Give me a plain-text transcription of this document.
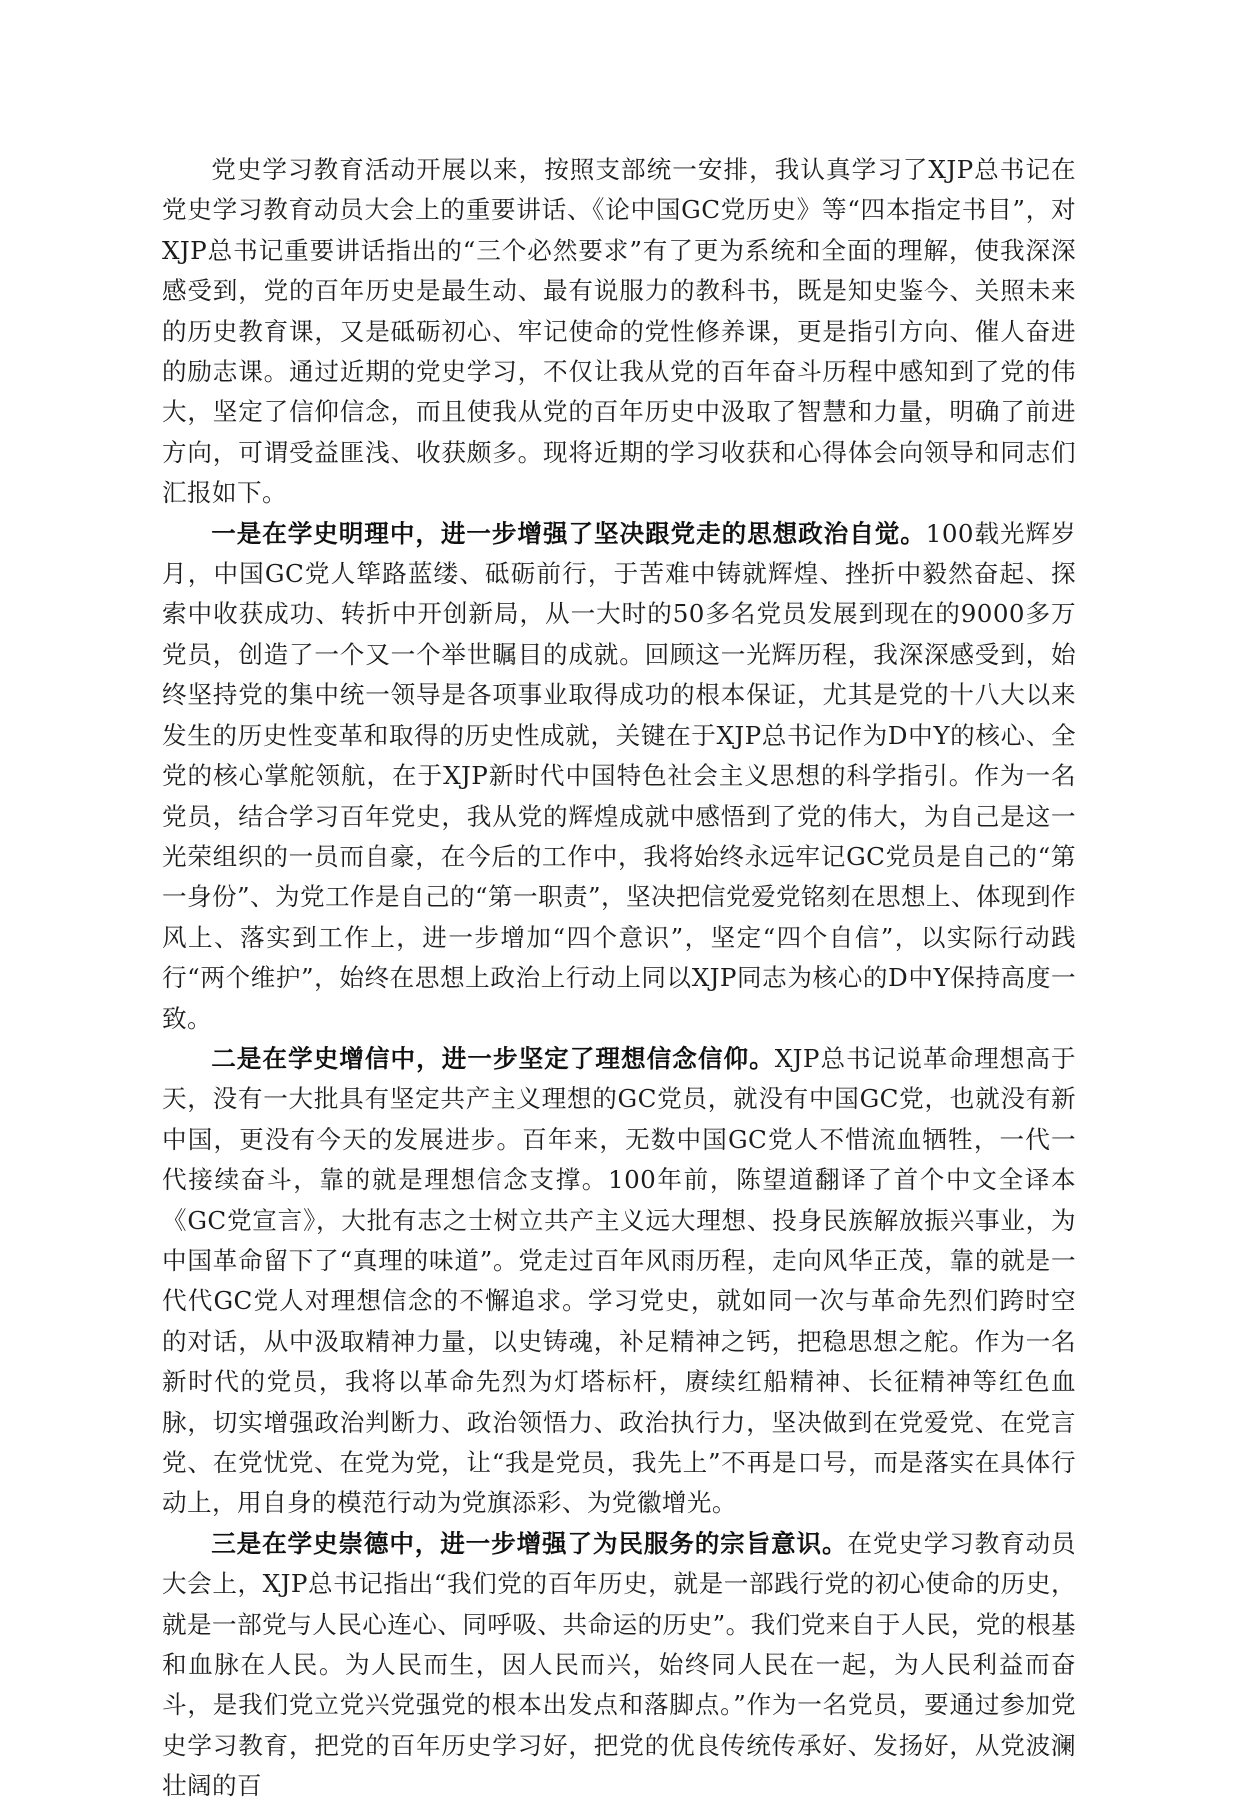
党史学习教育活动开展以来，按照支部统一安排，我认真学习了XJP总书记在党史学习教育动员大会上的重要讲话、《论中国GC党历史》等“四本指定书目”，对XJP总书记重要讲话指出的“三个必然要求”有了更为系统和全面的理解，使我深深感受到，党的百年历史是最生动、最有说服力的教科书，既是知史鉴今、关照未来的历史教育课，又是砥砺初心、牢记使命的党性修养课，更是指引方向、催人奋进的励志课。通过近期的党史学习，不仅让我从党的百年奋斗历程中感知到了党的伟大，坚定了信仰信念，而且使我从党的百年历史中汲取了智慧和力量，明确了前进方向，可谓受益匪浅、收获颇多。现将近期的学习收获和心得体会向领导和同志们汇报如下。

一是在学史明理中，进一步增强了坚决跟党走的思想政治自觉。100载光辉岁月，中国GC党人筚路蓝缕、砥砺前行，于苦难中铸就辉煌、挫折中毅然奋起、探索中收获成功、转折中开创新局，从一大时的50多名党员发展到现在的9000多万党员，创造了一个又一个举世瞩目的成就。回顾这一光辉历程，我深深感受到，始终坚持党的集中统一领导是各项事业取得成功的根本保证，尤其是党的十八大以来发生的历史性变革和取得的历史性成就，关键在于XJP总书记作为D中Y的核心、全党的核心掌舵领航，在于XJP新时代中国特色社会主义思想的科学指引。作为一名党员，结合学习百年党史，我从党的辉煌成就中感悟到了党的伟大，为自己是这一光荣组织的一员而自豪，在今后的工作中，我将始终永远牢记GC党员是自己的“第一身份”、为党工作是自己的“第一职责”，坚决把信党爱党铭刻在思想上、体现到作风上、落实到工作上，进一步增加“四个意识”，坚定“四个自信”，以实际行动践行“两个维护”，始终在思想上政治上行动上同以XJP同志为核心的D中Y保持高度一致。

二是在学史增信中，进一步坚定了理想信念信仰。XJP总书记说革命理想高于天，没有一大批具有坚定共产主义理想的GC党员，就没有中国GC党，也就没有新中国，更没有今天的发展进步。百年来，无数中国GC党人不惜流血牺牲，一代一代接续奋斗，靠的就是理想信念支撑。100年前，陈望道翻译了首个中文全译本《GC党宣言》，大批有志之士树立共产主义远大理想、投身民族解放振兴事业，为中国革命留下了“真理的味道”。党走过百年风雨历程，走向风华正茂，靠的就是一代代GC党人对理想信念的不懈追求。学习党史，就如同一次与革命先烈们跨时空的对话，从中汲取精神力量，以史铸魂，补足精神之钙，把稳思想之舵。作为一名新时代的党员，我将以革命先烈为灯塔标杆，赓续红船精神、长征精神等红色血脉，切实增强政治判断力、政治领悟力、政治执行力，坚决做到在党爱党、在党言党、在党忧党、在党为党，让“我是党员，我先上”不再是口号，而是落实在具体行动上，用自身的模范行动为党旗添彩、为党徽增光。

三是在学史崇德中，进一步增强了为民服务的宗旨意识。在党史学习教育动员大会上，XJP总书记指出“我们党的百年历史，就是一部践行党的初心使命的历史，就是一部党与人民心连心、同呼吸、共命运的历史”。我们党来自于人民，党的根基和血脉在人民。为人民而生，因人民而兴，始终同人民在一起，为人民利益而奋斗，是我们党立党兴党强党的根本出发点和落脚点。”作为一名党员，要通过参加党史学习教育，把党的百年历史学习好，把党的优良传统传承好、发扬好，从党波澜壮阔的百
